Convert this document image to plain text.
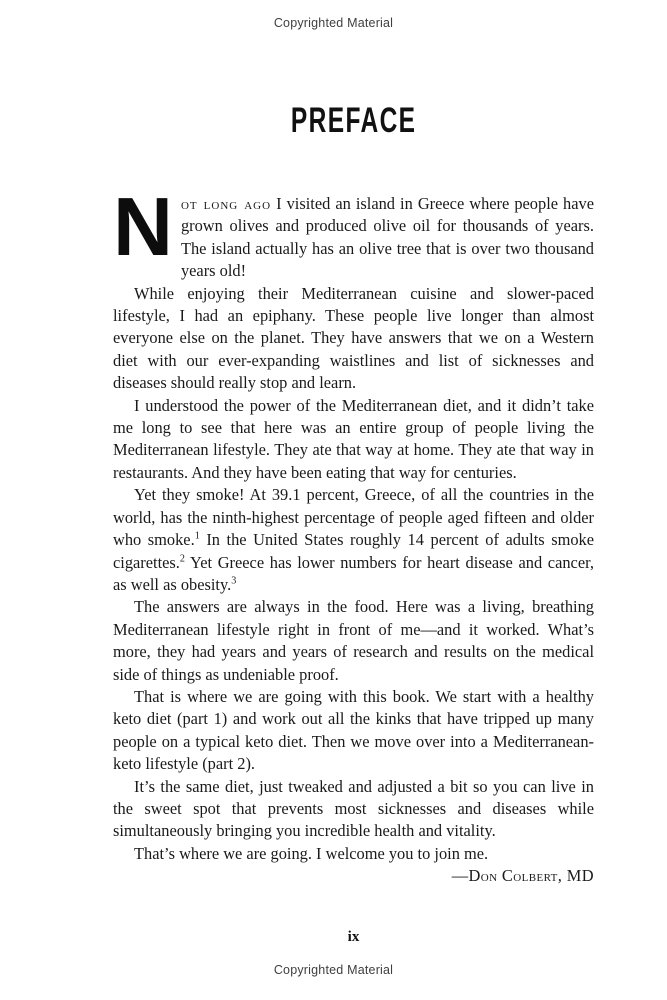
Copyrighted Material
PREFACE

Not long ago I visited an island in Greece where people have grown olives and produced olive oil for thousands of years. The island actually has an olive tree that is over two thousand years old!

While enjoying their Mediterranean cuisine and slower-paced lifestyle, I had an epiphany. These people live longer than almost everyone else on the planet. They have answers that we on a Western diet with our ever-expanding waistlines and list of sicknesses and diseases should really stop and learn.

I understood the power of the Mediterranean diet, and it didn’t take me long to see that here was an entire group of people living the Mediterranean lifestyle. They ate that way at home. They ate that way in restaurants. And they have been eating that way for centuries.

Yet they smoke! At 39.1 percent, Greece, of all the countries in the world, has the ninth-highest percentage of people aged fifteen and older who smoke.$^1$ In the United States roughly 14 percent of adults smoke cigarettes.$^2$ Yet Greece has lower numbers for heart disease and cancer, as well as obesity.$^3$

The answers are always in the food. Here was a living, breathing Mediterranean lifestyle right in front of me—and it worked. What’s more, they had years and years of research and results on the medical side of things as undeniable proof.

That is where we are going with this book. We start with a healthy keto diet (part 1) and work out all the kinks that have tripped up many people on a typical keto diet. Then we move over into a Mediterranean-keto lifestyle (part 2).

It’s the same diet, just tweaked and adjusted a bit so you can live in the sweet spot that prevents most sicknesses and diseases while simultaneously bringing you incredible health and vitality.

That’s where we are going. I welcome you to join me.

—Don Colbert, MD

ix
Copyrighted Material
